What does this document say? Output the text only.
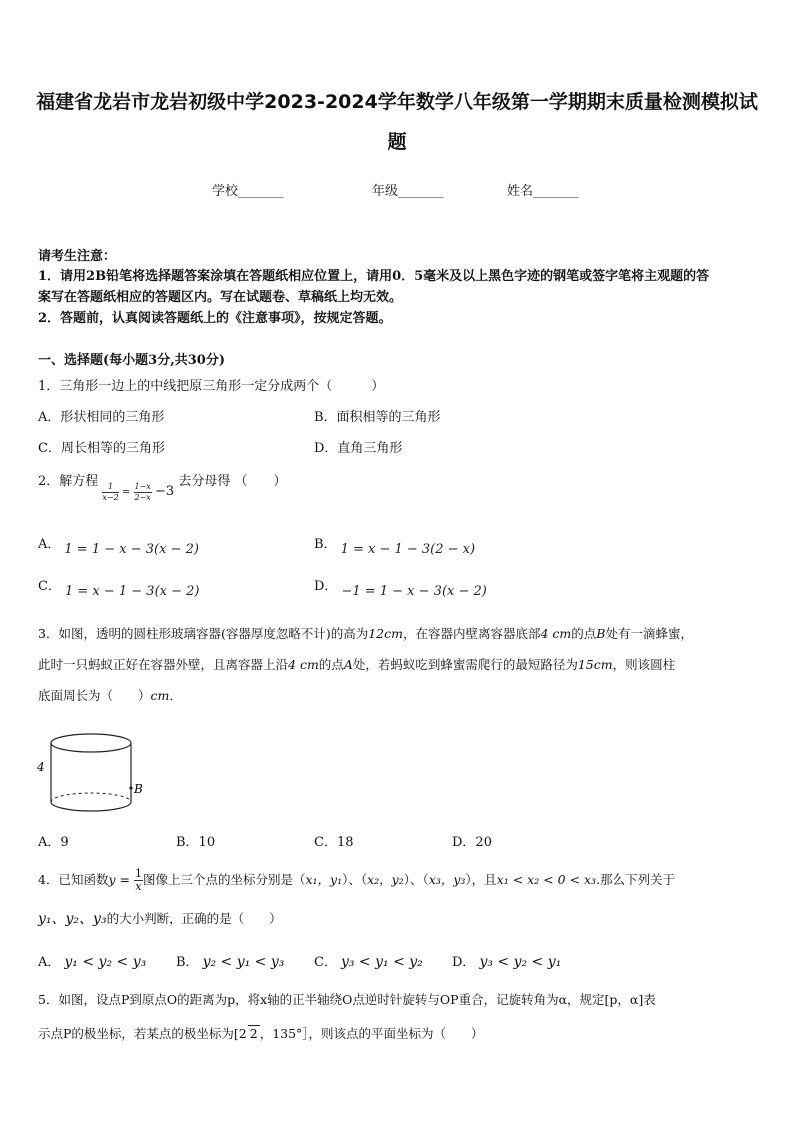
福建省龙岩市龙岩初级中学2023-2024学年数学八年级第一学期期末质量检测模拟试
题
学校_______	年级_______	姓名_______
请考生注意：
1．请用2B铅笔将选择题答案涂填在答题纸相应位置上，请用0．5毫米及以上黑色字迹的钢笔或签字笔将主观题的答
案写在答题纸相应的答题区内。写在试题卷、草稿纸上均无效。
2．答题前，认真阅读答题纸上的《注意事项》，按规定答题。
一、选择题(每小题3分,共30分)
1．三角形一边上的中线把原三角形一定分成两个（　　　）
A．形状相同的三角形	B．面积相等的三角形
C．周长相等的三角形	D．直角三角形
2．解方程
$\frac{1}{x-2} = \frac{1-x}{2-x} -3$ 去分母得 （　　）
A． 1 = 1 − x − 3(x − 2)	B． 1 = x − 1 − 3(2 − x)
C． 1 = x − 1 − 3(x − 2)	D． −1 = 1 − x − 3(x − 2)
3．如图，透明的圆柱形玻璃容器(容器厚度忽略不计)的高为12cm，在容器内壁离容器底部4 cm的点B处有一滴蜂蜜，
此时一只蚂蚁正好在容器外壁，且离容器上沿4 cm的点A处，若蚂蚁吃到蜂蜜需爬行的最短路径为15cm，则该圆柱
底面周长为（　　）cm．
B
4
A．9	B．10	C．18	D．20
4．已知函数$y = \frac{1}{x}$ 图像上三个点的坐标分别是（x₁，y₁）、（x₂，y₂）、（x₃，y₃），且x₁ < x₂ < 0 < x₃.那么下列关于
y₁、y₂、y₃的大小判断，正确的是（　　）
A． y₁ < y₂ < y₃ B． y₂ < y₁ < y₃ C． y₃ < y₁ < y₂ D． y₃ < y₂ < y₁
5．如图，设点P到原点O的距离为p，将x轴的正半轴绕O点逆时针旋转与OP重合，记旋转角为α，规定[p，α]表
示点P的极坐标，若某点的极坐标为[2 2 ，135°］，则该点的平面坐标为（　　）
